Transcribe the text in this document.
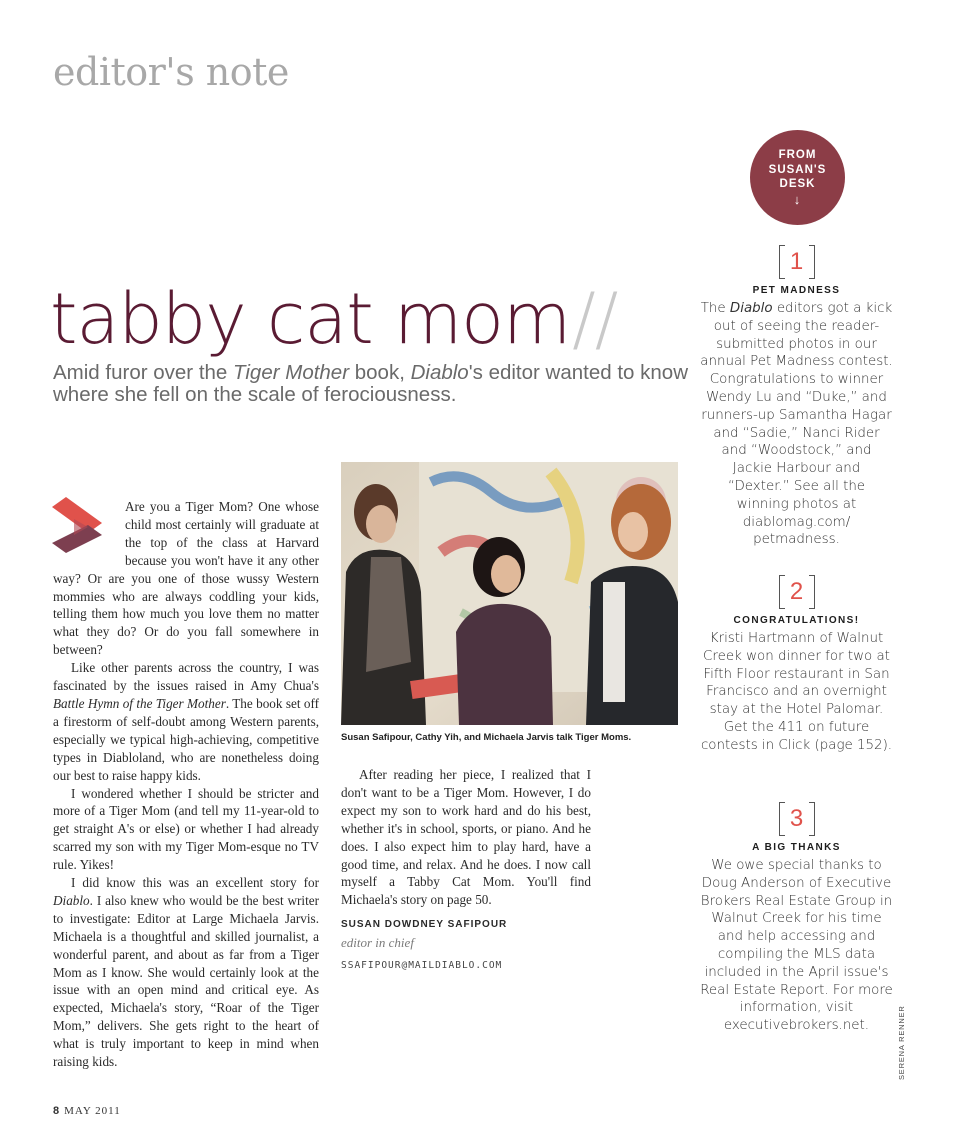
editor's note
tabby cat mom//
Amid furor over the Tiger Mother book, Diablo's editor wanted to know where she fell on the scale of ferociousness.

Are you a Tiger Mom? One whose child most certainly will graduate at the top of the class at Harvard because you won't have it any other way? Or are you one of those wussy Western mommies who are always coddling your kids, telling them how much you love them no matter what they do? Or do you fall somewhere in between?

Like other parents across the country, I was fascinated by the issues raised in Amy Chua's Battle Hymn of the Tiger Mother. The book set off a firestorm of self-doubt among Western parents, especially we typical high-achieving, competitive types in Diabloland, who are nonetheless doing our best to raise happy kids.

I wondered whether I should be stricter and more of a Tiger Mom (and tell my 11-year-old to get straight A's or else) or whether I had already scarred my son with my Tiger Mom-esque no TV rule. Yikes!

I did know this was an excellent story for Diablo. I also knew who would be the best writer to investigate: Editor at Large Michaela Jarvis. Michaela is a thoughtful and skilled journalist, a wonderful parent, and about as far from a Tiger Mom as I know. She would certainly look at the issue with an open mind and critical eye. As expected, Michaela's story, “Roar of the Tiger Mom,” delivers. She gets right to the heart of what is truly important to keep in mind when raising kids.

Susan Safipour, Cathy Yih, and Michaela Jarvis talk Tiger Moms.

After reading her piece, I realized that I don't want to be a Tiger Mom. However, I do expect my son to work hard and do his best, whether it's in school, sports, or piano. And he does. I also expect him to play hard, have a good time, and relax. And he does. I now call myself a Tabby Cat Mom. You'll find Michaela's story on page 50.

SUSAN DOWDNEY SAFIPOUR
editor in chief
SSAFIPOUR@MAILDIABLO.COM
8 MAY 2011
FROM
SUSAN'S
DESK
↓
1
PET MADNESS
The Diablo editors got a kick out of seeing the reader-submitted photos in our annual Pet Madness contest. Congratulations to winner Wendy Lu and “Duke,” and runners-up Samantha Hagar and “Sadie,” Nanci Rider and “Woodstock,” and Jackie Harbour and “Dexter.” See all the winning photos at diablomag.com/ petmadness.
2
CONGRATULATIONS!
Kristi Hartmann of Walnut Creek won dinner for two at Fifth Floor restaurant in San Francisco and an overnight stay at the Hotel Palomar. Get the 411 on future contests in Click (page 152).
3
A BIG THANKS
We owe special thanks to Doug Anderson of Executive Brokers Real Estate Group in Walnut Creek for his time and help accessing and compiling the MLS data included in the April issue's Real Estate Report. For more information, visit executivebrokers.net.	SERENA RENNER
